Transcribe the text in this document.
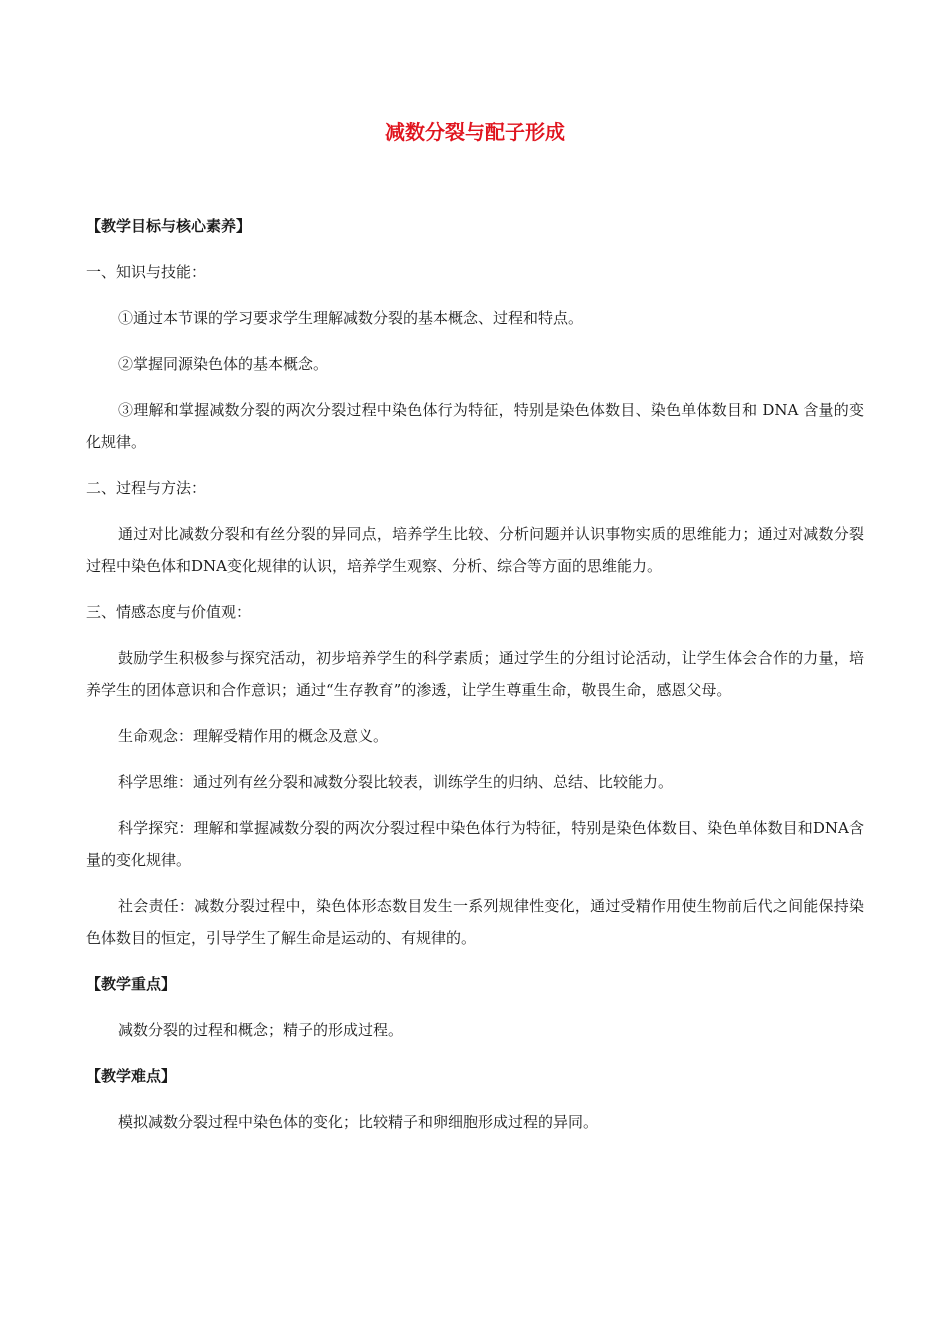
减数分裂与配子形成

【教学目标与核心素养】

一、知识与技能：

①通过本节课的学习要求学生理解减数分裂的基本概念、过程和特点。

②掌握同源染色体的基本概念。

③理解和掌握减数分裂的两次分裂过程中染色体行为特征，特别是染色体数目、染色单体数目和 DNA 含量的变化规律。

二、过程与方法：

通过对比减数分裂和有丝分裂的异同点，培养学生比较、分析问题并认识事物实质的思维能力；通过对减数分裂过程中染色体和DNA变化规律的认识，培养学生观察、分析、综合等方面的思维能力。

三、情感态度与价值观：

鼓励学生积极参与探究活动，初步培养学生的科学素质；通过学生的分组讨论活动，让学生体会合作的力量，培养学生的团体意识和合作意识；通过“生存教育”的渗透，让学生尊重生命，敬畏生命，感恩父母。

生命观念：理解受精作用的概念及意义。

科学思维：通过列有丝分裂和减数分裂比较表，训练学生的归纳、总结、比较能力。

科学探究：理解和掌握减数分裂的两次分裂过程中染色体行为特征，特别是染色体数目、染色单体数目和DNA含量的变化规律。

社会责任：减数分裂过程中，染色体形态数目发生一系列规律性变化，通过受精作用使生物前后代之间能保持染色体数目的恒定，引导学生了解生命是运动的、有规律的。

【教学重点】

减数分裂的过程和概念；精子的形成过程。

【教学难点】

模拟减数分裂过程中染色体的变化；比较精子和卵细胞形成过程的异同。
